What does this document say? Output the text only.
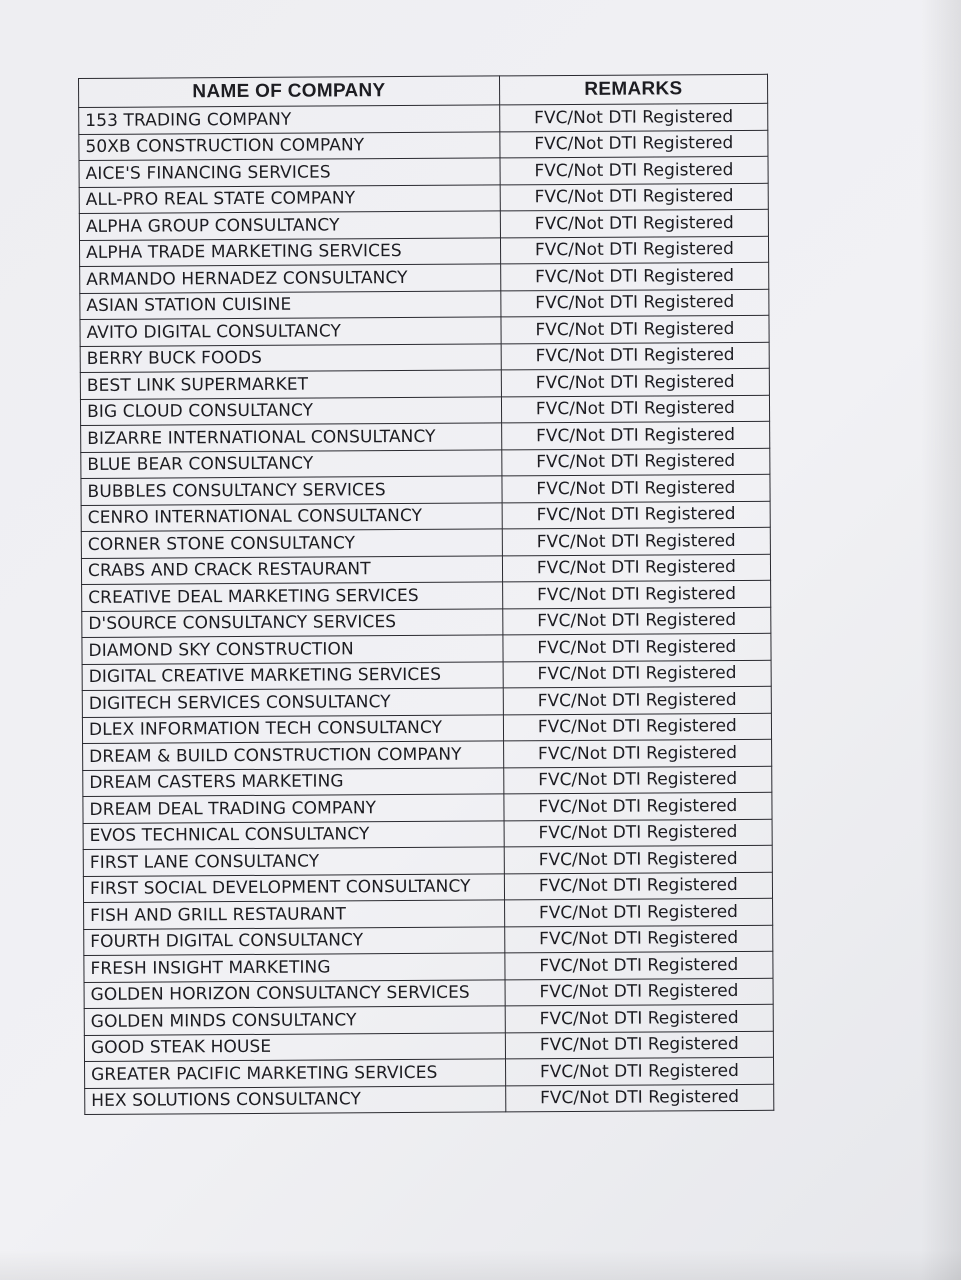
NAME OF COMPANY	REMARKS
153 TRADING COMPANY	FVC/Not DTI Registered
50XB CONSTRUCTION COMPANY	FVC/Not DTI Registered
AICE'S FINANCING SERVICES	FVC/Not DTI Registered
ALL-PRO REAL STATE COMPANY	FVC/Not DTI Registered
ALPHA GROUP CONSULTANCY	FVC/Not DTI Registered
ALPHA TRADE MARKETING SERVICES	FVC/Not DTI Registered
ARMANDO HERNADEZ CONSULTANCY	FVC/Not DTI Registered
ASIAN STATION CUISINE	FVC/Not DTI Registered
AVITO DIGITAL CONSULTANCY	FVC/Not DTI Registered
BERRY BUCK FOODS	FVC/Not DTI Registered
BEST LINK SUPERMARKET	FVC/Not DTI Registered
BIG CLOUD CONSULTANCY	FVC/Not DTI Registered
BIZARRE INTERNATIONAL CONSULTANCY	FVC/Not DTI Registered
BLUE BEAR CONSULTANCY	FVC/Not DTI Registered
BUBBLES CONSULTANCY SERVICES	FVC/Not DTI Registered
CENRO INTERNATIONAL CONSULTANCY	FVC/Not DTI Registered
CORNER STONE CONSULTANCY	FVC/Not DTI Registered
CRABS AND CRACK RESTAURANT	FVC/Not DTI Registered
CREATIVE DEAL MARKETING SERVICES	FVC/Not DTI Registered
D'SOURCE CONSULTANCY SERVICES	FVC/Not DTI Registered
DIAMOND SKY CONSTRUCTION	FVC/Not DTI Registered
DIGITAL CREATIVE MARKETING SERVICES	FVC/Not DTI Registered
DIGITECH SERVICES CONSULTANCY	FVC/Not DTI Registered
DLEX INFORMATION TECH CONSULTANCY	FVC/Not DTI Registered
DREAM & BUILD CONSTRUCTION COMPANY	FVC/Not DTI Registered
DREAM CASTERS MARKETING	FVC/Not DTI Registered
DREAM DEAL TRADING COMPANY	FVC/Not DTI Registered
EVOS TECHNICAL CONSULTANCY	FVC/Not DTI Registered
FIRST LANE CONSULTANCY	FVC/Not DTI Registered
FIRST SOCIAL DEVELOPMENT CONSULTANCY	FVC/Not DTI Registered
FISH AND GRILL RESTAURANT	FVC/Not DTI Registered
FOURTH DIGITAL CONSULTANCY	FVC/Not DTI Registered
FRESH INSIGHT MARKETING	FVC/Not DTI Registered
GOLDEN HORIZON CONSULTANCY SERVICES	FVC/Not DTI Registered
GOLDEN MINDS CONSULTANCY	FVC/Not DTI Registered
GOOD STEAK HOUSE	FVC/Not DTI Registered
GREATER PACIFIC MARKETING SERVICES	FVC/Not DTI Registered
HEX SOLUTIONS CONSULTANCY	FVC/Not DTI Registered
